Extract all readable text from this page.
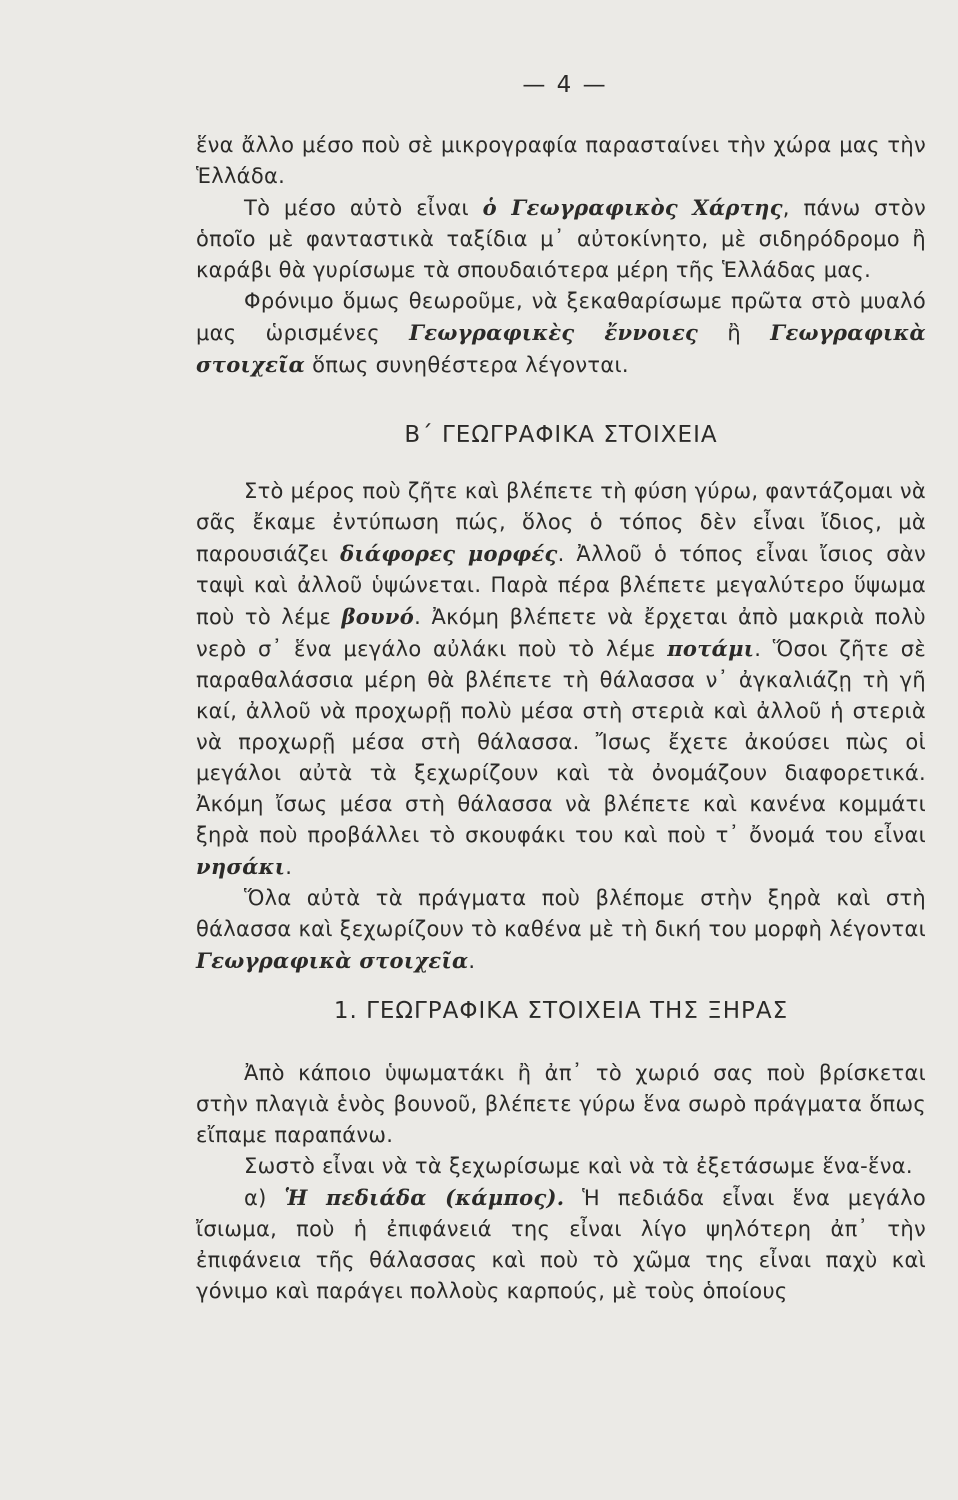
— 4 —

ἕνα ἄλλο μέσο ποὺ σὲ μικρογραφία παρασταίνει τὴν χώρα μας τὴν Ἑλλάδα.

Τὸ μέσο αὐτὸ εἶναι ὁ Γεωγραφικὸς Χάρτης, πάνω στὸν ὁποῖο μὲ φανταστικὰ ταξίδια μ᾽ αὐτοκίνητο, μὲ σιδηρόδρομο ἢ καράβι θὰ γυρίσωμε τὰ σπουδαιότερα μέρη τῆς Ἑλλάδας μας.

Φρόνιμο ὅμως θεωροῦμε, νὰ ξεκαθαρίσωμε πρῶτα στὸ μυαλό μας ὡρισμένες Γεωγραφικὲς ἔννοιες ἢ Γεωγραφικὰ στοιχεῖα ὅπως συνηθέστερα λέγονται.

Β΄ ΓΕΩΓΡΑΦΙΚΑ ΣΤΟΙΧΕΙΑ

Στὸ μέρος ποὺ ζῆτε καὶ βλέπετε τὴ φύση γύρω, φαντάζομαι νὰ σᾶς ἔκαμε ἐντύπωση πώς, ὅλος ὁ τόπος δὲν εἶναι ἴδιος, μὰ παρουσιάζει διάφορες μορφές. Ἀλλοῦ ὁ τόπος εἶναι ἴσιος σὰν ταψὶ καὶ ἀλλοῦ ὑψώνεται. Παρὰ πέρα βλέπετε μεγαλύτερο ὕψωμα ποὺ τὸ λέμε βουνό. Ἀκόμη βλέπετε νὰ ἔρχεται ἀπὸ μακριὰ πολὺ νερὸ σ᾽ ἕνα μεγάλο αὐλάκι ποὺ τὸ λέμε ποτάμι. Ὅσοι ζῆτε σὲ παραθαλάσσια μέρη θὰ βλέπετε τὴ θάλασσα ν᾽ ἀγκαλιάζῃ τὴ γῆ καί, ἀλλοῦ νὰ προχωρῇ πολὺ μέσα στὴ στεριὰ καὶ ἀλλοῦ ἡ στεριὰ νὰ προχωρῇ μέσα στὴ θάλασσα. Ἴσως ἔχετε ἀκούσει πὼς οἱ μεγάλοι αὐτὰ τὰ ξεχωρίζουν καὶ τὰ ὀνομάζουν διαφορετικά. Ἀκόμη ἴσως μέσα στὴ θάλασσα νὰ βλέπετε καὶ κανένα κομμάτι ξηρὰ ποὺ προβάλλει τὸ σκουφάκι του καὶ ποὺ τ᾽ ὄνομά του εἶναι νησάκι.

Ὅλα αὐτὰ τὰ πράγματα ποὺ βλέπομε στὴν ξηρὰ καὶ στὴ θάλασσα καὶ ξεχωρίζουν τὸ καθένα μὲ τὴ δική του μορφὴ λέγονται Γεωγραφικὰ στοιχεῖα.

1. ΓΕΩΓΡΑΦΙΚΑ ΣΤΟΙΧΕΙΑ ΤΗΣ ΞΗΡΑΣ

Ἀπὸ κάποιο ὑψωματάκι ἢ ἀπ᾽ τὸ χωριό σας ποὺ βρίσκεται στὴν πλαγιὰ ἑνὸς βουνοῦ, βλέπετε γύρω ἕνα σωρὸ πράγματα ὅπως εἴπαμε παραπάνω.

Σωστὸ εἶναι νὰ τὰ ξεχωρίσωμε καὶ νὰ τὰ ἐξετάσωμε ἕνα-ἕνα.

α) Ἡ πεδιάδα (κάμπος). Ἡ πεδιάδα εἶναι ἕνα μεγάλο ἴσιωμα, ποὺ ἡ ἐπιφάνειά της εἶναι λίγο ψηλότερη ἀπ᾽ τὴν ἐπιφάνεια τῆς θάλασσας καὶ ποὺ τὸ χῶμα της εἶναι παχὺ καὶ γόνιμο καὶ παράγει πολλοὺς καρπούς, μὲ τοὺς ὁποίους
